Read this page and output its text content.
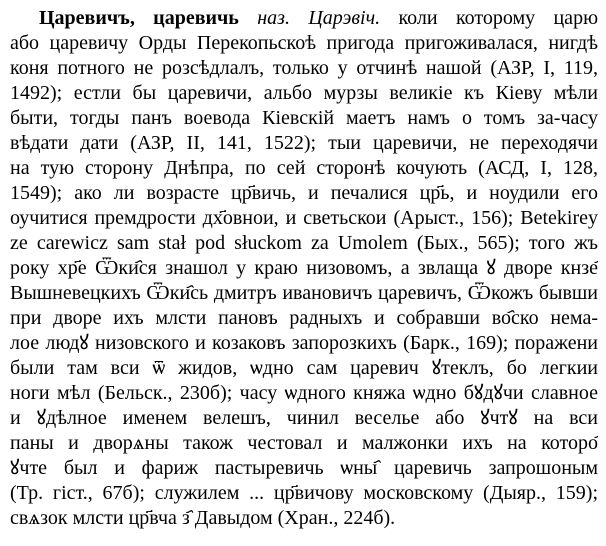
Царевичъ, царевичь наз. Царэвіч. коли которому царю
або царевичу Орды Перекопьскоѣ пригода пригоживалася, нигдѣ
коня потного не розсѣдлалъ, только у отчинѣ нашой (АЗР, I, 119,
1492); естли бы царевичи, альбо мурзы великіе къ Кіеву мѣли
быти, тогды панъ воевода Кіевскій маетъ намъ о томъ за-часу
вѣдати дати (АЗР, II, 141, 1522); тыи царевичи, не переходячи
на тую сторону Днѣпра, по сей сторонѣ кочують (АСД, I, 128,
1549); ако ли возрасте цр҃вичь, и печалися цр҃ь, и ноудили его
оучитися премдрости дх҃овнои, и светьскои (Арыст., 156); Betekirey
ze carewicz sam stał pod słuckom za Umolem (Бых., 565); того жъ
року хр҃е Ѿки҄ся знашол у краю низовомъ, а звлаща ꙋ дворе кнзе҄
Вышневецкихъ Ѿки҄сь дмитръ ивановичъ царевичъ, Ѿкожъ бывши
при дворе ихъ млсти пановъ радныхъ и собравши во҄ско нема-
лое людꙋ низовского и козаковъ запорозкихъ (Барк., 169); поражени
были там вси ѿ жидов, ѡдно сам царевич ꙋтеклъ, бо легкии
ноги мѣл (Бельск., 230б); часу ѡдного княжа ѡдно бꙋдꙋчи славное
и ꙋдѣлное именем велешъ, чинил веселье або ꙋчтꙋ на вси
паны и дворѧны також честовал и малжонки ихъ на которо҄
ꙋчте был и фариж пастыревичь ѡны҄ царевичь запрошоным
(Тр. гіст., 67б); служилем ... цр҃вичову московскому (Дыяр., 159);
свѧзок млсти цр҃вча з҄ Давыдом (Хран., 224б).
